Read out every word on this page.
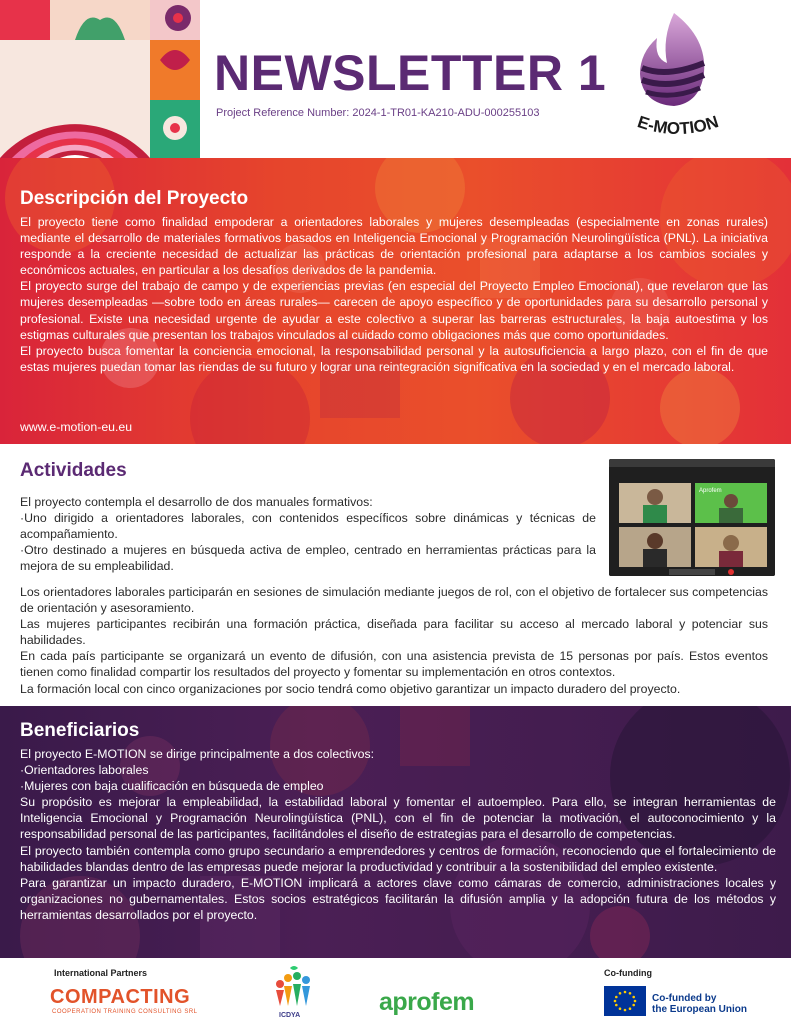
NEWSLETTER 1
Project Reference Number: 2024-1-TR01-KA210-ADU-000255103	E-MOTION
Descripción del Proyecto

El proyecto tiene como finalidad empoderar a orientadores laborales y mujeres desempleadas (especialmente en zonas rurales) mediante el desarrollo de materiales formativos basados en Inteligencia Emocional y Programación Neurolingüística (PNL). La iniciativa responde a la creciente necesidad de actualizar las prácticas de orientación profesional para adaptarse a los cambios sociales y económicos actuales, en particular a los desafíos derivados de la pandemia.

El proyecto surge del trabajo de campo y de experiencias previas (en especial del Proyecto Empleo Emocional), que revelaron que las mujeres desempleadas —sobre todo en áreas rurales— carecen de apoyo específico y de oportunidades para su desarrollo personal y profesional. Existe una necesidad urgente de ayudar a este colectivo a superar las barreras estructurales, la baja autoestima y los estigmas culturales que presentan los trabajos vinculados al cuidado como obligaciones más que como oportunidades.

El proyecto busca fomentar la conciencia emocional, la responsabilidad personal y la autosuficiencia a largo plazo, con el fin de que estas mujeres puedan tomar las riendas de su futuro y lograr una reintegración significativa en la sociedad y en el mercado laboral.

www.e-motion-eu.eu
Actividades

El proyecto contempla el desarrollo de dos manuales formativos:

·Uno dirigido a orientadores laborales, con contenidos específicos sobre dinámicas y técnicas de acompañamiento.

·Otro destinado a mujeres en búsqueda activa de empleo, centrado en herramientas prácticas para la mejora de su empleabilidad.

Los orientadores laborales participarán en sesiones de simulación mediante juegos de rol, con el objetivo de fortalecer sus competencias de orientación y asesoramiento.

Las mujeres participantes recibirán una formación práctica, diseñada para facilitar su acceso al mercado laboral y potenciar sus habilidades.

En cada país participante se organizará un evento de difusión, con una asistencia prevista de 15 personas por país. Estos eventos tienen como finalidad compartir los resultados del proyecto y fomentar su implementación en otros contextos.

La formación local con cinco organizaciones por socio tendrá como objetivo garantizar un impacto duradero del proyecto.

Aprofem
Beneficiarios

El proyecto E-MOTION se dirige principalmente a dos colectivos:

·Orientadores laborales

·Mujeres con baja cualificación en búsqueda de empleo

Su propósito es mejorar la empleabilidad, la estabilidad laboral y fomentar el autoempleo. Para ello, se integran herramientas de Inteligencia Emocional y Programación Neurolingüística (PNL), con el fin de potenciar la motivación, el autoconocimiento y la responsabilidad personal de las participantes, facilitándoles el diseño de estrategias para el desarrollo de competencias.

El proyecto también contempla como grupo secundario a emprendedores y centros de formación, reconociendo que el fortalecimiento de habilidades blandas dentro de las empresas puede mejorar la productividad y contribuir a la sostenibilidad del empleo existente.

Para garantizar un impacto duradero, E-MOTION implicará a actores clave como cámaras de comercio, administraciones locales y organizaciones no gubernamentales. Estos socios estratégicos facilitarán la difusión amplia y la adopción futura de los métodos y herramientas desarrollados por el proyecto.

International Partners	Co-funding
COMPACTING
COOPERATION TRAINING CONSULTING SRL	ICDYA	aprofem	Co-funded by
the European Union
